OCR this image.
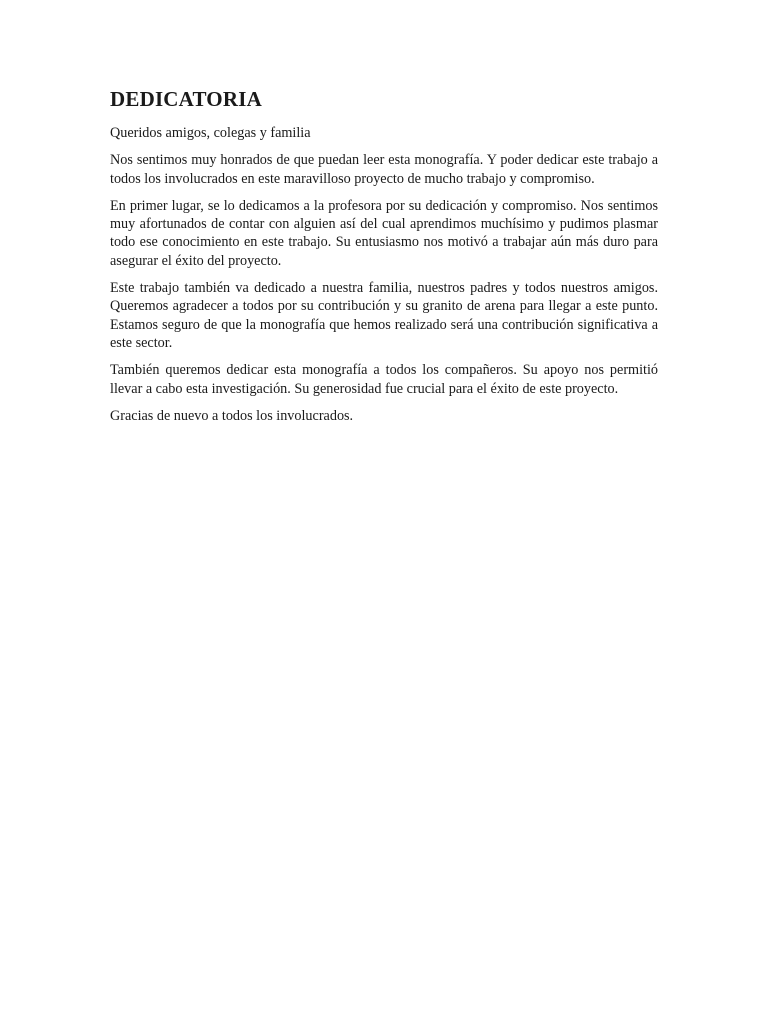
DEDICATORIA

Queridos amigos, colegas y familia

Nos sentimos muy honrados de que puedan leer esta monografía. Y poder dedicar este trabajo a todos los involucrados en este maravilloso proyecto de mucho trabajo y compromiso.

En primer lugar, se lo dedicamos a la profesora por su dedicación y compromiso. Nos sentimos muy afortunados de contar con alguien así del cual aprendimos muchísimo y pudimos plasmar todo ese conocimiento en este trabajo. Su entusiasmo nos motivó a trabajar aún más duro para asegurar el éxito del proyecto.

Este trabajo también va dedicado a nuestra familia, nuestros padres y todos nuestros amigos. Queremos agradecer a todos por su contribución y su granito de arena para llegar a este punto. Estamos seguro de que la monografía que hemos realizado será una contribución significativa a este sector.

También queremos dedicar esta monografía a todos los compañeros. Su apoyo nos permitió llevar a cabo esta investigación. Su generosidad fue crucial para el éxito de este proyecto.

Gracias de nuevo a todos los involucrados.
